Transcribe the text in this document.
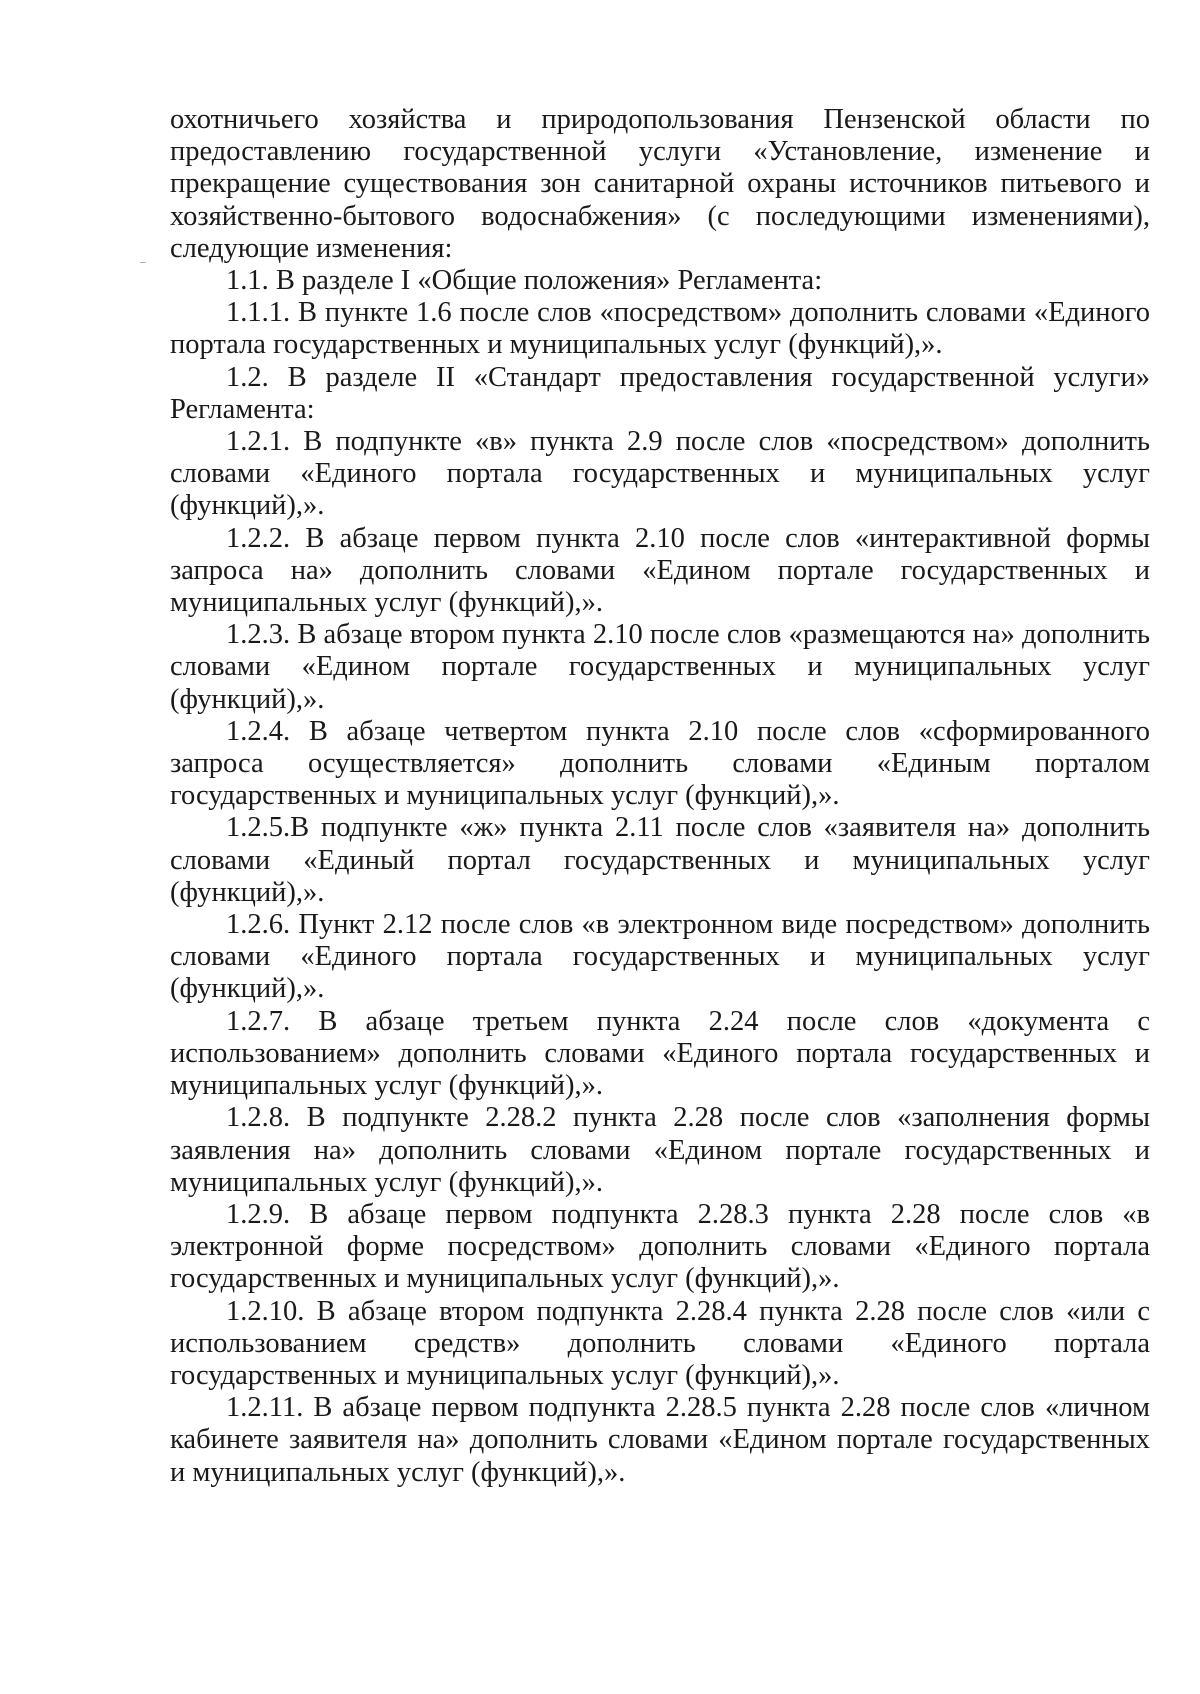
охотничьего хозяйства и природопользования Пензенской области по предоставлению государственной услуги «Установление, изменение и прекращение существования зон санитарной охраны источников питьевого и хозяйственно-бытового водоснабжения» (с последующими изменениями), следующие изменения:

1.1. В разделе I «Общие положения» Регламента:

1.1.1. В пункте 1.6 после слов «посредством» дополнить словами «Единого портала государственных и муниципальных услуг (функций),».

1.2. В разделе II «Стандарт предоставления государственной услуги» Регламента:

1.2.1. В подпункте «в» пункта 2.9 после слов «посредством» дополнить словами «Единого портала государственных и муниципальных услуг (функций),».

1.2.2. В абзаце первом пункта 2.10 после слов «интерактивной формы запроса на» дополнить словами «Едином портале государственных и муниципальных услуг (функций),».

1.2.3. В абзаце втором пункта 2.10 после слов «размещаются на» дополнить словами «Едином портале государственных и муниципальных услуг (функций),».

1.2.4. В абзаце четвертом пункта 2.10 после слов «сформированного запроса осуществляется» дополнить словами «Единым порталом государственных и муниципальных услуг (функций),».

1.2.5.В подпункте «ж» пункта 2.11 после слов «заявителя на» дополнить словами «Единый портал государственных и муниципальных услуг (функций),».

1.2.6. Пункт 2.12 после слов «в электронном виде посредством» дополнить словами «Единого портала государственных и муниципальных услуг (функций),».

1.2.7. В абзаце третьем пункта 2.24 после слов «документа с использованием» дополнить словами «Единого портала государственных и муниципальных услуг (функций),».

1.2.8. В подпункте 2.28.2 пункта 2.28 после слов «заполнения формы заявления на» дополнить словами «Едином портале государственных и муниципальных услуг (функций),».

1.2.9. В абзаце первом подпункта 2.28.3 пункта 2.28 после слов «в электронной форме посредством» дополнить словами «Единого портала государственных и муниципальных услуг (функций),».

1.2.10. В абзаце втором подпункта 2.28.4 пункта 2.28 после слов «или с использованием средств» дополнить словами «Единого портала государственных и муниципальных услуг (функций),».

1.2.11. В абзаце первом подпункта 2.28.5 пункта 2.28 после слов «личном кабинете заявителя на» дополнить словами «Едином портале государственных и муниципальных услуг (функций),».
